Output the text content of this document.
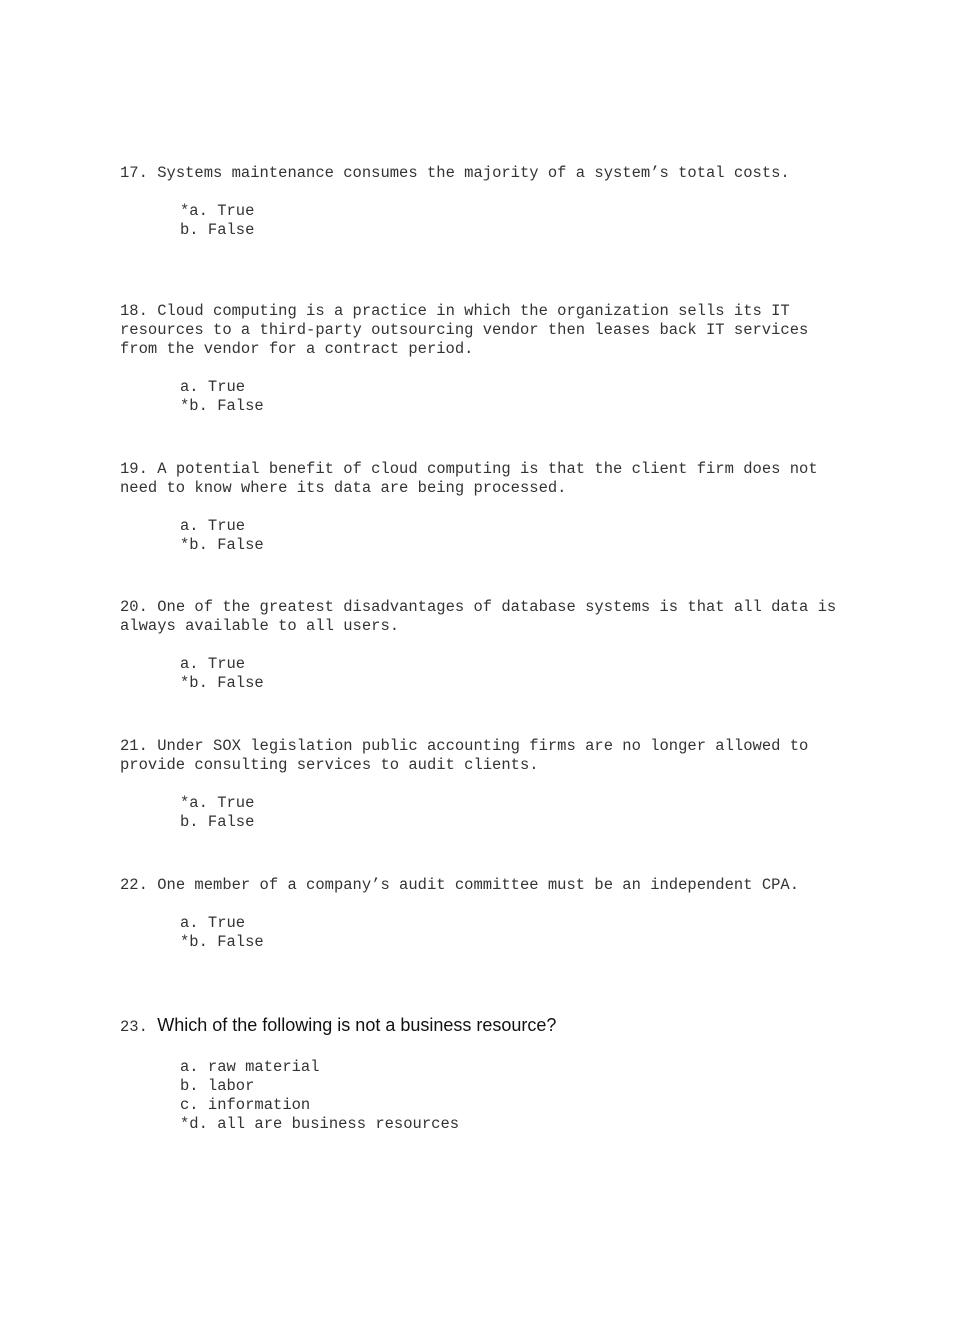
17. Systems maintenance consumes the majority of a system’s total costs.

*a. True
b. False

18. Cloud computing is a practice in which the organization sells its IT resources to a third-party outsourcing vendor then leases back IT services from the vendor for a contract period.

a. True
*b. False

19. A potential benefit of cloud computing is that the client firm does not need to know where its data are being processed.

a. True
*b. False

20. One of the greatest disadvantages of database systems is that all data is always available to all users.

a. True
*b. False

21. Under SOX legislation public accounting firms are no longer allowed to provide consulting services to audit clients.

*a. True
b. False

22. One member of a company’s audit committee must be an independent CPA.

a. True
*b. False

23. Which of the following is not a business resource?

a. raw material
b. labor
c. information
*d. all are business resources
